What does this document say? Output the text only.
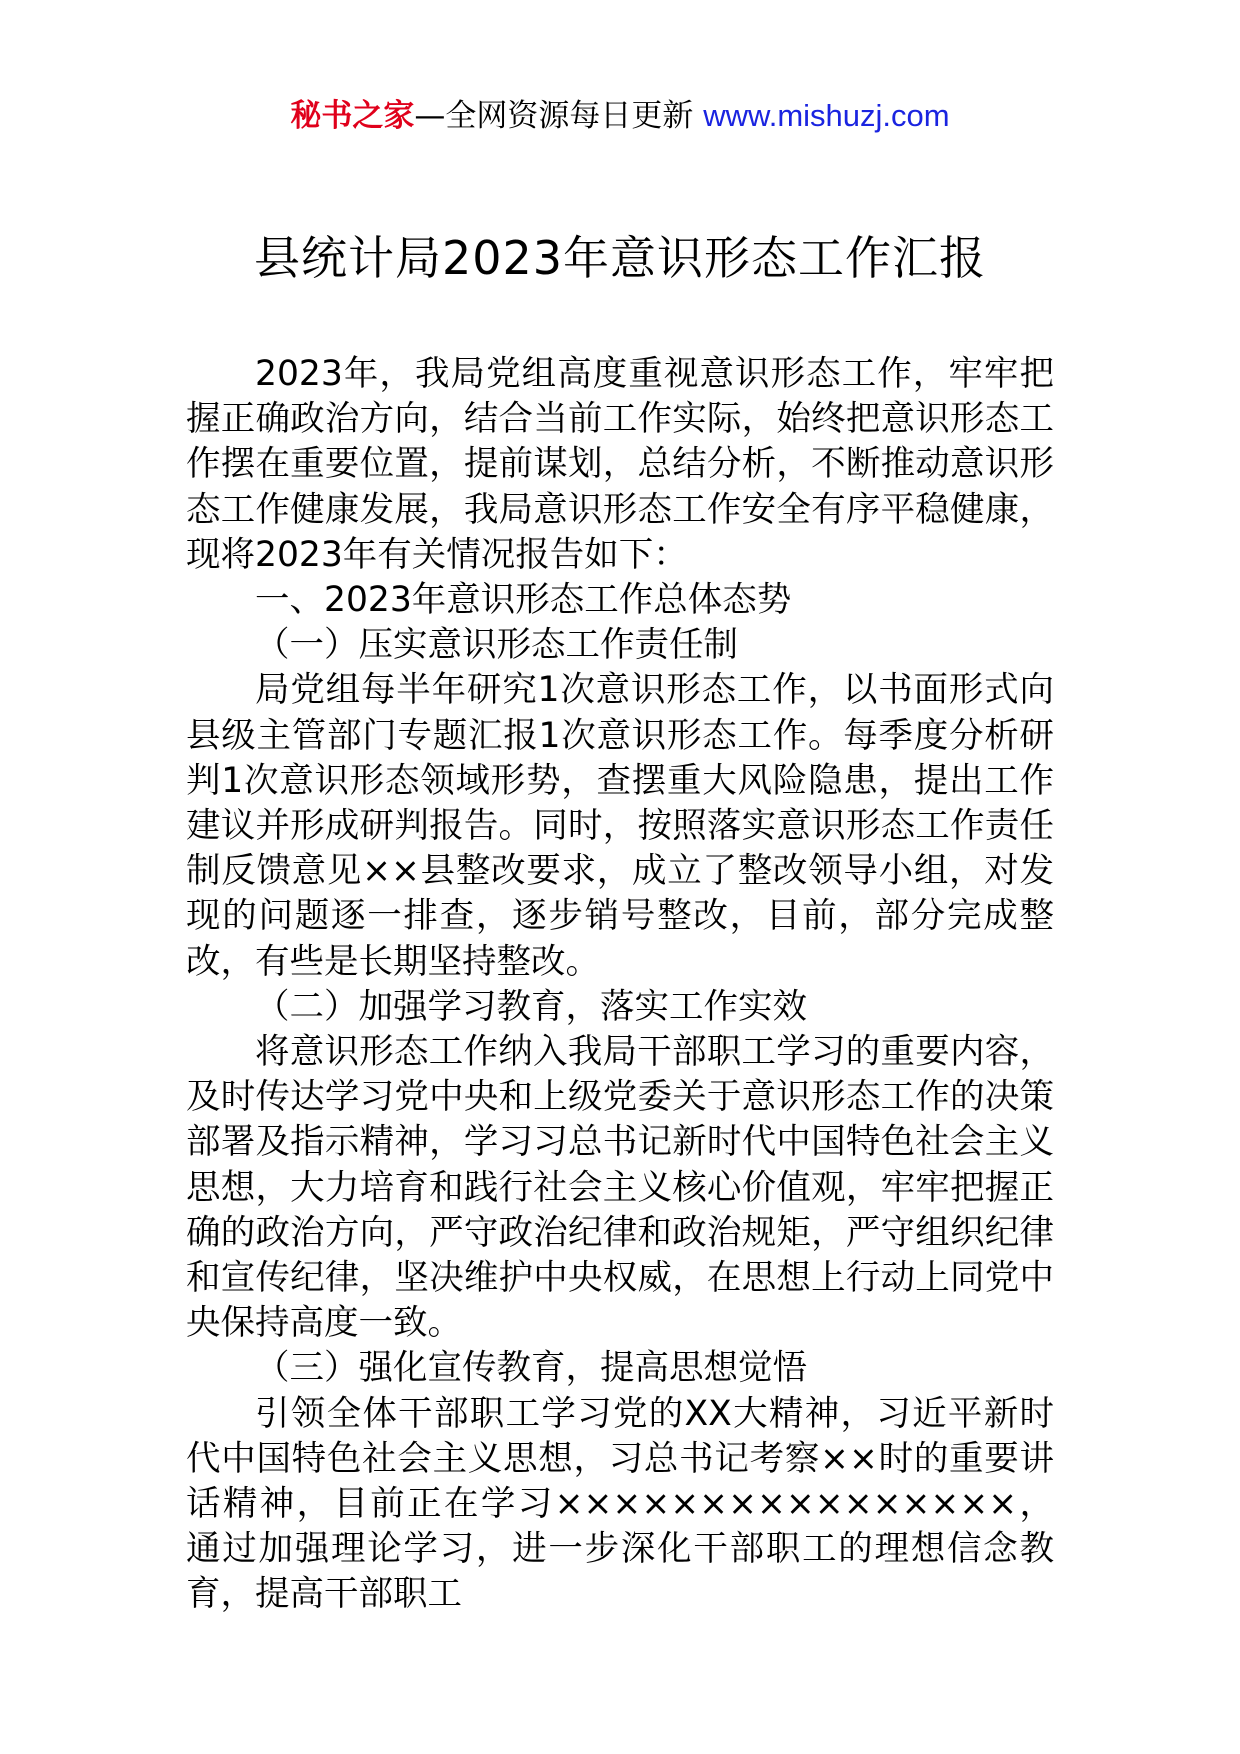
秘书之家—全网资源每日更新 www.mishuzj.com
县统计局2023年意识形态工作汇报

2023年，我局党组高度重视意识形态工作，牢牢把握正确政治方向，结合当前工作实际，始终把意识形态工作摆在重要位置，提前谋划，总结分析，不断推动意识形态工作健康发展，我局意识形态工作安全有序平稳健康，现将2023年有关情况报告如下：

一、2023年意识形态工作总体态势

（一）压实意识形态工作责任制

局党组每半年研究1次意识形态工作，以书面形式向县级主管部门专题汇报1次意识形态工作。每季度分析研判1次意识形态领域形势，查摆重大风险隐患，提出工作建议并形成研判报告。同时，按照落实意识形态工作责任制反馈意见××县整改要求，成立了整改领导小组，对发现的问题逐一排查，逐步销号整改，目前，部分完成整改，有些是长期坚持整改。

（二）加强学习教育，落实工作实效

将意识形态工作纳入我局干部职工学习的重要内容，及时传达学习党中央和上级党委关于意识形态工作的决策部署及指示精神，学习习总书记新时代中国特色社会主义思想，大力培育和践行社会主义核心价值观，牢牢把握正确的政治方向，严守政治纪律和政治规矩，严守组织纪律和宣传纪律，坚决维护中央权威，在思想上行动上同党中央保持高度一致。

（三）强化宣传教育，提高思想觉悟

引领全体干部职工学习党的XX大精神，习近平新时代中国特色社会主义思想，习总书记考察××时的重要讲话精神，目前正在学习××××××××××××××××，通过加强理论学习，进一步深化干部职工的理想信念教育，提高干部职工
